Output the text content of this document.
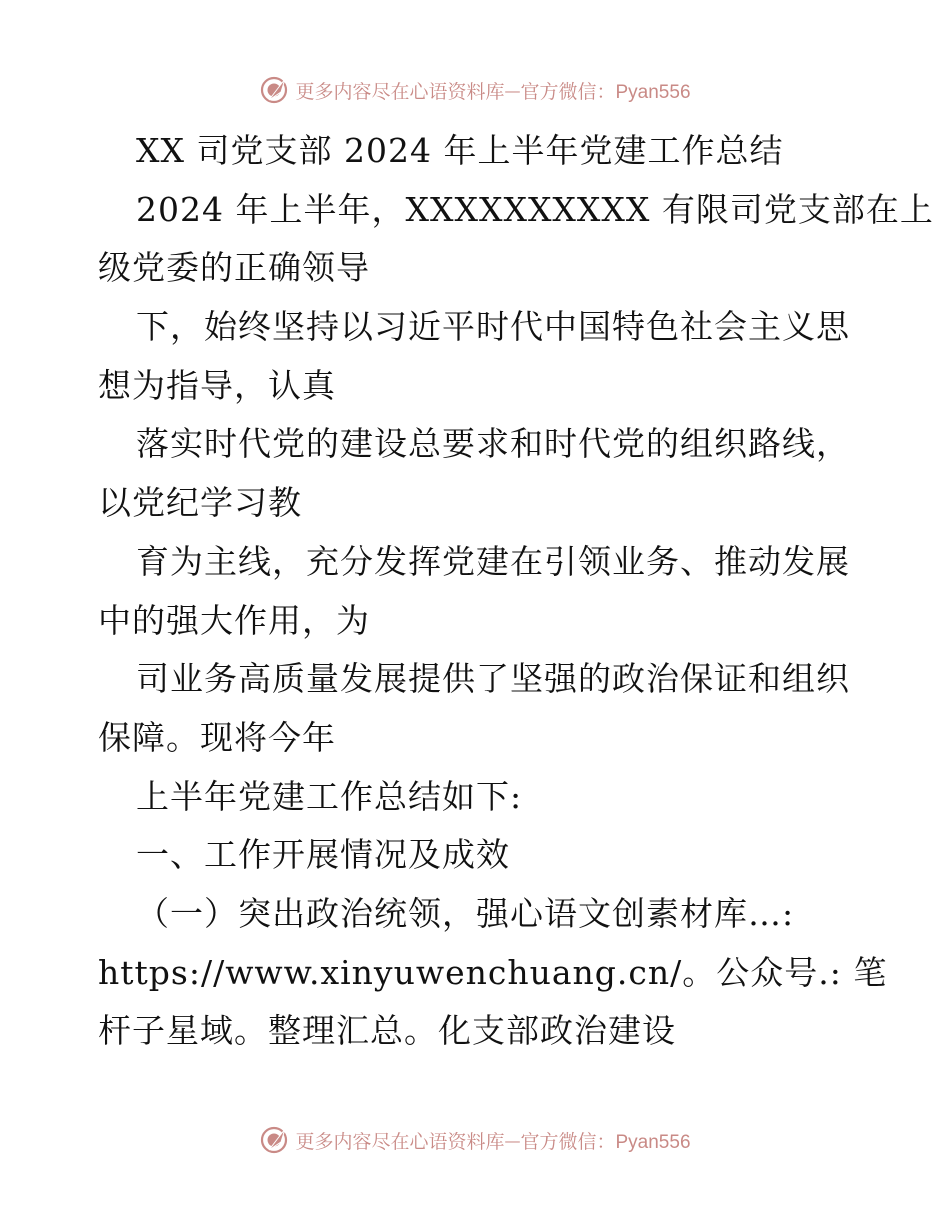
更多内容尽在心语资料库 — 官方微信：Pyan556
XX 司党支部 2024 年上半年党建工作总结
2024 年上半年，XXXXXXXXXX 有限司党支部在上
级党委的正确领导
下，始终坚持以习近平时代中国特色社会主义思
想为指导，认真
落实时代党的建设总要求和时代党的组织路线，
以党纪学习教
育为主线，充分发挥党建在引领业务、推动发展
中的强大作用，为
司业务高质量发展提供了坚强的政治保证和组织
保障。现将今年
上半年党建工作总结如下:
一、工作开展情况及成效
（一）突出政治统领，强心语文创素材库…:
https://www.xinyuwenchuang.cn/。公众号.: 笔
杆子星域。整理汇总。化支部政治建设
更多内容尽在心语资料库 — 官方微信：Pyan556
